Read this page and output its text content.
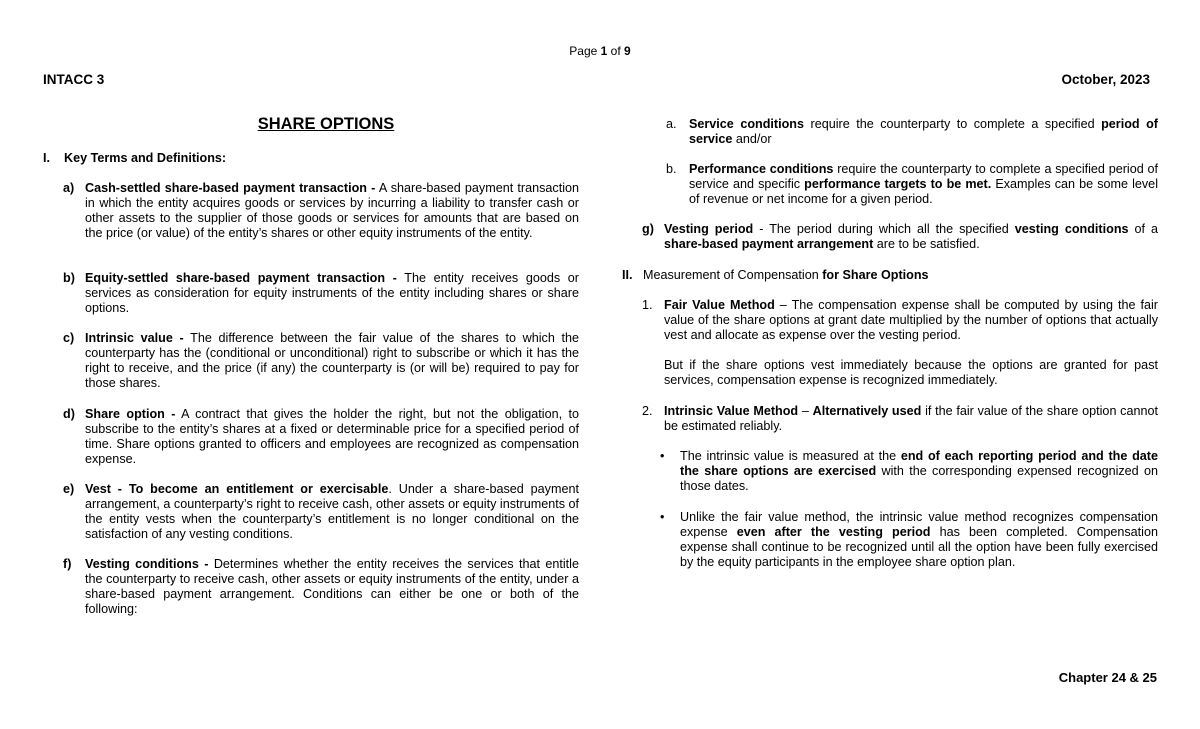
Page 1 of 9
INTACC 3	October, 2023
SHARE OPTIONS
I. Key Terms and Definitions:
a) Cash-settled share-based payment transaction - A share-based payment transaction in which the entity acquires goods or services by incurring a liability to transfer cash or other assets to the supplier of those goods or services for amounts that are based on the price (or value) of the entity’s shares or other equity instruments of the entity.
b) Equity-settled share-based payment transaction - The entity receives goods or services as consideration for equity instruments of the entity including shares or share options.
c) Intrinsic value - The difference between the fair value of the shares to which the counterparty has the (conditional or unconditional) right to subscribe or which it has the right to receive, and the price (if any) the counterparty is (or will be) required to pay for those shares.
d) Share option - A contract that gives the holder the right, but not the obligation, to subscribe to the entity’s shares at a fixed or determinable price for a specified period of time. Share options granted to officers and employees are recognized as compensation expense.
e) Vest - To become an entitlement or exercisable. Under a share-based payment arrangement, a counterparty’s right to receive cash, other assets or equity instruments of the entity vests when the counterparty’s entitlement is no longer conditional on the satisfaction of any vesting conditions.
f) Vesting conditions - Determines whether the entity receives the services that entitle the counterparty to receive cash, other assets or equity instruments of the entity, under a share-based payment arrangement. Conditions can either be one or both of the following:
a. Service conditions require the counterparty to complete a specified period of service and/or
b. Performance conditions require the counterparty to complete a specified period of service and specific performance targets to be met. Examples can be some level of revenue or net income for a given period.
g) Vesting period - The period during which all the specified vesting conditions of a share-based payment arrangement are to be satisfied.
II. Measurement of Compensation for Share Options
1. Fair Value Method – The compensation expense shall be computed by using the fair value of the share options at grant date multiplied by the number of options that actually vest and allocate as expense over the vesting period.
But if the share options vest immediately because the options are granted for past services, compensation expense is recognized immediately.
2. Intrinsic Value Method – Alternatively used if the fair value of the share option cannot be estimated reliably.
• The intrinsic value is measured at the end of each reporting period and the date the share options are exercised with the corresponding expensed recognized on those dates.
• Unlike the fair value method, the intrinsic value method recognizes compensation expense even after the vesting period has been completed. Compensation expense shall continue to be recognized until all the option have been fully exercised by the equity participants in the employee share option plan.
Chapter 24 & 25
